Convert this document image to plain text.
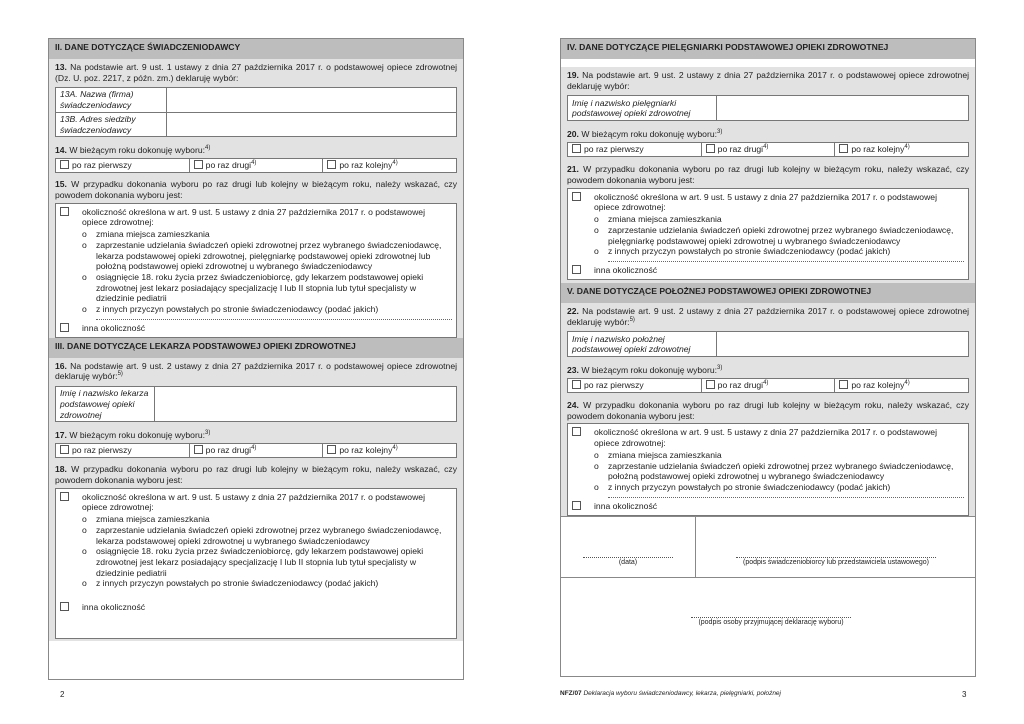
II. DANE DOTYCZĄCE ŚWIADCZENIODAWCY
13. Na podstawie art. 9 ust. 1 ustawy z dnia 27 października 2017 r. o podstawowej opiece zdrowotnej (Dz. U. poz. 2217, z późn. zm.) deklaruję wybór:
13A. Nazwa (firma) świadczeniodawcy	
13B. Adres siedziby świadczeniodawcy	
14. W bieżącym roku dokonuję wyboru:$^{4)}$
po raz pierwszy	po raz drugi$^{4)}$	po raz kolejny$^{4)}$
15. W przypadku dokonania wyboru po raz drugi lub kolejny w bieżącym roku, należy wskazać, czy powodem dokonania wyboru jest:
okoliczność określona w art. 9 ust. 5 ustawy z dnia 27 października 2017 r. o podstawowej opiece zdrowotnej:
o	zmiana miejsca zamieszkania
o	zaprzestanie udzielania świadczeń opieki zdrowotnej przez wybranego świadczeniodawcę, lekarza podstawowej opieki zdrowotnej, pielęgniarkę podstawowej opieki zdrowotnej lub położną podstawowej opieki zdrowotnej u wybranego świadczeniodawcy
o	osiągnięcie 18. roku życia przez świadczeniobiorcę, gdy lekarzem podstawowej opieki zdrowotnej jest lekarz posiadający specjalizację I lub II stopnia lub tytuł specjalisty w dziedzinie pediatrii
o	z innych przyczyn powstałych po stronie świadczeniodawcy (podać jakich)
inna okoliczność
III. DANE DOTYCZĄCE LEKARZA PODSTAWOWEJ OPIEKI ZDROWOTNEJ
16. Na podstawie art. 9 ust. 2 ustawy z dnia 27 października 2017 r. o podstawowej opiece zdrowotnej deklaruję wybór:$^{5)}$
Imię i nazwisko lekarza podstawowej opieki zdrowotnej	
17. W bieżącym roku dokonuję wyboru:$^{3)}$
po raz pierwszy	po raz drugi$^{4)}$	po raz kolejny$^{4)}$
18. W przypadku dokonania wyboru po raz drugi lub kolejny w bieżącym roku, należy wskazać, czy powodem dokonania wyboru jest:
okoliczność określona w art. 9 ust. 5 ustawy z dnia 27 października 2017 r. o podstawowej opiece zdrowotnej:
o	zmiana miejsca zamieszkania
o	zaprzestanie udzielania świadczeń opieki zdrowotnej przez wybranego świadczeniodawcę, lekarza podstawowej opieki zdrowotnej u wybranego świadczeniodawcy
o	osiągnięcie 18. roku życia przez świadczeniobiorcę, gdy lekarzem podstawowej opieki zdrowotnej jest lekarz posiadający specjalizację I lub II stopnia lub tytuł specjalisty w dziedzinie pediatrii
o	z innych przyczyn powstałych po stronie świadczeniodawcy (podać jakich)
inna okoliczność
IV. DANE DOTYCZĄCE PIELĘGNIARKI PODSTAWOWEJ OPIEKI ZDROWOTNEJ
19. Na podstawie art. 9 ust. 2 ustawy z dnia 27 października 2017 r. o podstawowej opiece zdrowotnej deklaruję wybór:
Imię i nazwisko pielęgniarki podstawowej opieki zdrowotnej	
20. W bieżącym roku dokonuję wyboru:$^{3)}$
po raz pierwszy	po raz drugi$^{4)}$	po raz kolejny$^{4)}$
21. W przypadku dokonania wyboru po raz drugi lub kolejny w bieżącym roku, należy wskazać, czy powodem dokonania wyboru jest:
okoliczność określona w art. 9 ust. 5 ustawy z dnia 27 października 2017 r. o podstawowej opiece zdrowotnej:
o	zmiana miejsca zamieszkania
o	zaprzestanie udzielania świadczeń opieki zdrowotnej przez wybranego świadczeniodawcę, pielęgniarkę podstawowej opieki zdrowotnej u wybranego świadczeniodawcy
o	z innych przyczyn powstałych po stronie świadczeniodawcy (podać jakich)
inna okoliczność
V. DANE DOTYCZĄCE POŁOŻNEJ PODSTAWOWEJ OPIEKI ZDROWOTNEJ
22. Na podstawie art. 9 ust. 2 ustawy z dnia 27 października 2017 r. o podstawowej opiece zdrowotnej deklaruję wybór:$^{5)}$
Imię i nazwisko położnej podstawowej opieki zdrowotnej	
23. W bieżącym roku dokonuję wyboru:$^{3)}$
po raz pierwszy	po raz drugi$^{4)}$	po raz kolejny$^{4)}$
24. W przypadku dokonania wyboru po raz drugi lub kolejny w bieżącym roku, należy wskazać, czy powodem dokonania wyboru jest:
okoliczność określona w art. 9 ust. 5 ustawy z dnia 27 października 2017 r. o podstawowej opiece zdrowotnej:
o	zmiana miejsca zamieszkania
o	zaprzestanie udzielania świadczeń opieki zdrowotnej przez wybranego świadczeniodawcę, położną podstawowej opieki zdrowotnej u wybranego świadczeniodawcy
o	z innych przyczyn powstałych po stronie świadczeniodawcy (podać jakich)
inna okoliczność
(data)	(podpis świadczeniobiorcy lub przedstawiciela ustawowego)
(podpis osoby przyjmującej deklarację wyboru)
2	NFZ/07 Deklaracja wyboru świadczeniodawcy, lekarza, pielęgniarki, położnej	3
